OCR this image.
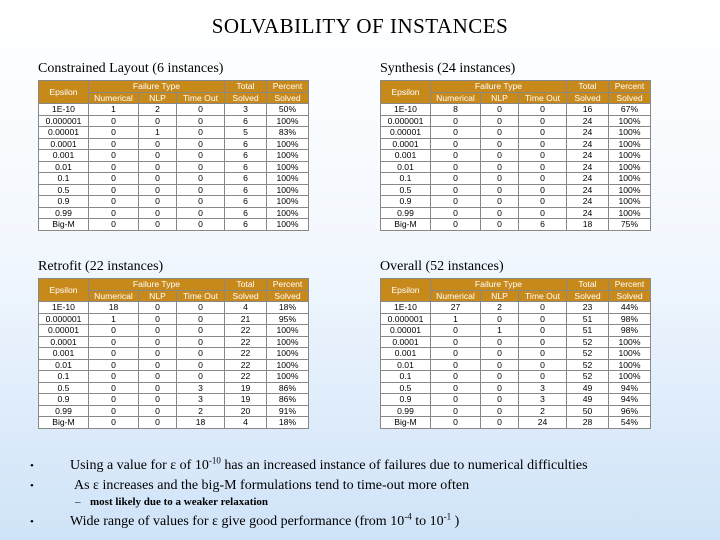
SOLVABILITY OF INSTANCES
Constrained Layout (6 instances)
Epsilon	Failure Type			Total	Percent
	Numerical	NLP	Time Out	Solved	Solved
1E-10	1	2	0	3	50%
0.000001	0	0	0	6	100%
0.00001	0	1	0	5	83%
0.0001	0	0	0	6	100%
0.001	0	0	0	6	100%
0.01	0	0	0	6	100%
0.1	0	0	0	6	100%
0.5	0	0	0	6	100%
0.9	0	0	0	6	100%
0.99	0	0	0	6	100%
Big-M	0	0	0	6	100%
Synthesis (24 instances)
Epsilon	Failure Type			Total	Percent
	Numerical	NLP	Time Out	Solved	Solved
1E-10	8	0	0	16	67%
0.000001	0	0	0	24	100%
0.00001	0	0	0	24	100%
0.0001	0	0	0	24	100%
0.001	0	0	0	24	100%
0.01	0	0	0	24	100%
0.1	0	0	0	24	100%
0.5	0	0	0	24	100%
0.9	0	0	0	24	100%
0.99	0	0	0	24	100%
Big-M	0	0	6	18	75%
Retrofit (22 instances)
Epsilon	Failure Type			Total	Percent
	Numerical	NLP	Time Out	Solved	Solved
1E-10	18	0	0	4	18%
0.000001	1	0	0	21	95%
0.00001	0	0	0	22	100%
0.0001	0	0	0	22	100%
0.001	0	0	0	22	100%
0.01	0	0	0	22	100%
0.1	0	0	0	22	100%
0.5	0	0	3	19	86%
0.9	0	0	3	19	86%
0.99	0	0	2	20	91%
Big-M	0	0	18	4	18%
Overall (52 instances)
Epsilon	Failure Type			Total	Percent
	Numerical	NLP	Time Out	Solved	Solved
1E-10	27	2	0	23	44%
0.000001	1	0	0	51	98%
0.00001	0	1	0	51	98%
0.0001	0	0	0	52	100%
0.001	0	0	0	52	100%
0.01	0	0	0	52	100%
0.1	0	0	0	52	100%
0.5	0	0	3	49	94%
0.9	0	0	3	49	94%
0.99	0	0	2	50	96%
Big-M	0	0	24	28	54%
•	Using a value for ε of $10^{-10}$ has an increased instance of failures due to numerical difficulties
•	As ε increases and the big-M formulations tend to time-out more often
– most likely due to a weaker relaxation
•	Wide range of values for ε give good performance (from $10^{-4}$ to $10^{-1}$ )
